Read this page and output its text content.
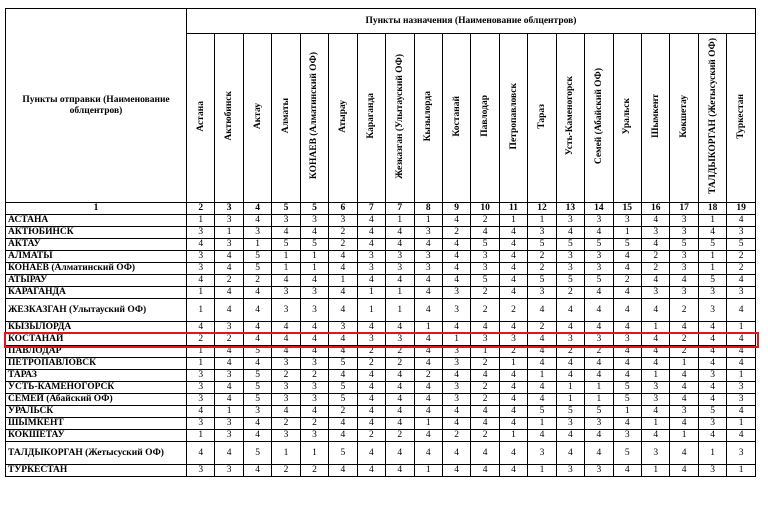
Пункты отправки (Наименование облцентров)	Пункты назначения (Наименование облцентров)																			
	Астана	Актюбинск	Актау	Алматы	КОНАЕВ (Алматинский ОФ)	Атырау	Караганда	Жезказган (Улытауский ОФ)	Кызылорда	Костанай	Павлодар	Петропавловск	Тараз	Усть-Каменогорск	Семей (Абайский ОФ)	Уральск	Шымкент	Кокшетау	ТАЛДЫКОРГАН (Жетысуский ОФ)	Туркестан
1	2	3	4	5	5	6	7	7	8	9	10	11	12	13	14	15	16	17	18	19
АСТАНА	1	3	4	3	3	3	4	1	1	4	2	1	1	3	3	3	4	3	1	4
АКТЮБИНСК	3	1	3	4	4	2	4	4	3	2	4	4	3	4	4	1	3	3	4	3
АКТАУ	4	3	1	5	5	2	4	4	4	4	5	4	5	5	5	5	4	5	5	5
АЛМАТЫ	3	4	5	1	1	4	3	3	3	4	3	4	2	3	3	4	2	3	1	2
КОНАЕВ (Алматинский ОФ)	3	4	5	1	1	4	3	3	3	4	3	4	2	3	3	4	2	3	1	2
АТЫРАУ	4	2	2	4	4	1	4	4	4	4	5	4	5	5	5	2	4	4	5	4
КАРАГАНДА	1	4	4	3	3	4	1	1	4	3	2	4	3	2	4	4	3	3	3	3
ЖЕЗКАЗГАН (Улытауский ОФ)	1	4	4	3	3	4	1	1	4	3	2	2	4	4	4	4	4	2	3	4
КЫЗЫЛОРДА	4	3	4	4	4	3	4	4	1	4	4	4	2	4	4	4	1	4	4	1
КОСТАНАЙ	2	2	4	4	4	4	3	3	4	1	3	3	4	3	3	3	4	2	4	4
ПАВЛОДАР	1	4	5	4	4	4	2	2	4	3	1	2	4	2	2	4	4	2	4	4
ПЕТРОПАВЛОВСК	1	4	4	3	3	5	2	2	4	3	2	1	4	4	4	4	4	1	4	4
ТАРАЗ	3	3	5	2	2	4	4	4	2	4	4	4	1	4	4	4	1	4	3	1
УСТЬ-КАМЕНОГОРСК	3	4	5	3	3	5	4	4	4	3	2	4	4	1	1	5	3	4	4	3
СЕМЕЙ (Абайский ОФ)	3	4	5	3	3	5	4	4	4	3	2	4	4	1	1	5	3	4	4	3
УРАЛЬСК	4	1	3	4	4	2	4	4	4	4	4	4	5	5	5	1	4	3	5	4
ШЫМКЕНТ	3	3	4	2	2	4	4	4	1	4	4	4	1	3	3	4	1	4	3	1
КОКШЕТАУ	1	3	4	3	3	4	2	2	4	2	2	1	4	4	4	3	4	1	4	4
ТАЛДЫКОРГАН (Жетысуский ОФ)	4	4	5	1	1	5	4	4	4	4	4	4	3	4	4	5	3	4	1	3
ТУРКЕСТАН	3	3	4	2	2	4	4	4	1	4	4	4	1	3	3	4	1	4	3	1
